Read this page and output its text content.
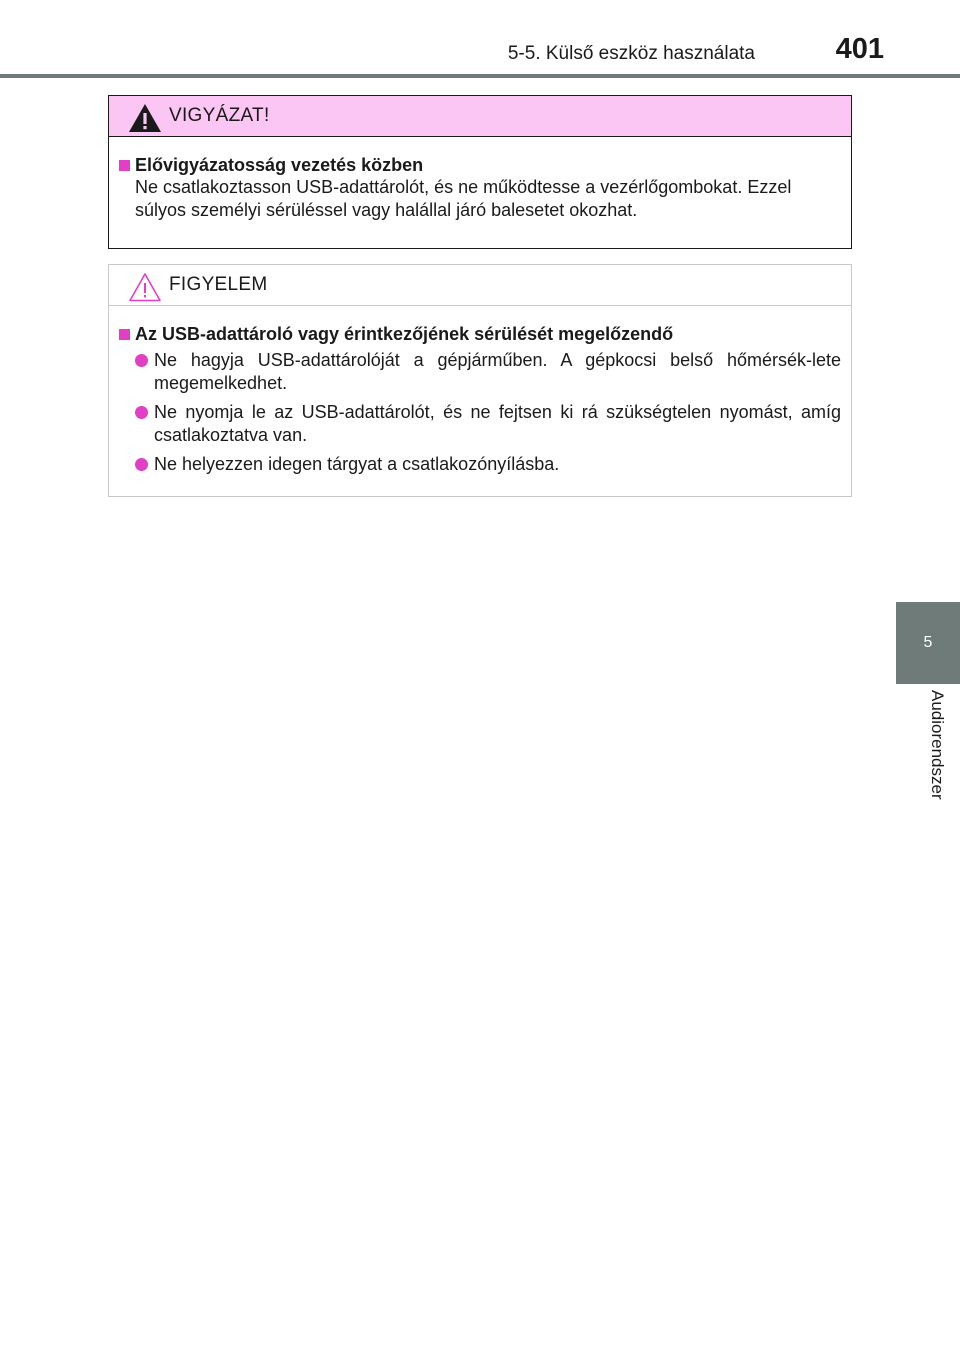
5-5. Külső eszköz használata	401
5
Audiorendszer
VIGYÁZAT!
Elővigyázatosság vezetés közben

Ne csatlakoztasson USB-adattárolót, és ne működtesse a vezérlőgombokat. Ezzel súlyos személyi sérüléssel vagy halállal járó balesetet okozhat.

FIGYELEM
Az USB-adattároló vagy érintkezőjének sérülését megelőzendő
Ne hagyja USB-adattárolóját a gépjárműben. A gépkocsi belső hőmérsék-lete megemelkedhet.
Ne nyomja le az USB-adattárolót, és ne fejtsen ki rá szükségtelen nyomást, amíg csatlakoztatva van.
Ne helyezzen idegen tárgyat a csatlakozónyílásba.
